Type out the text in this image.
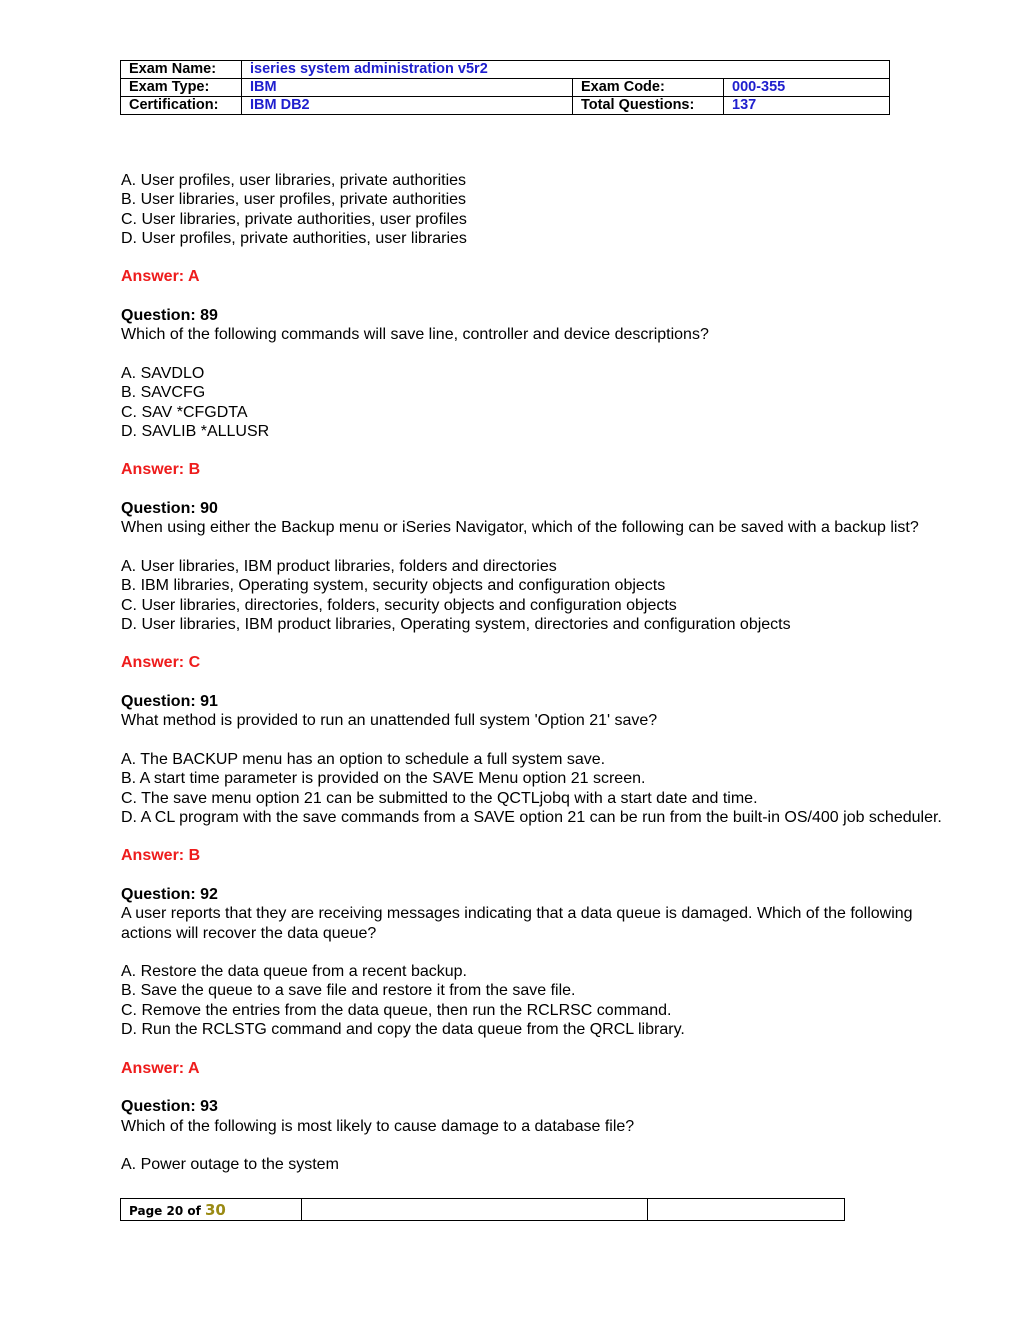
Exam Name:	iseries system administration v5r2		
Exam Type:	IBM	Exam Code:	000-355
Certification:	IBM DB2	Total Questions:	137

A. User profiles, user libraries, private authorities

B. User libraries, user profiles, private authorities

C. User libraries, private authorities, user profiles

D. User profiles, private authorities, user libraries

Answer: A

Question: 89

Which of the following commands will save line, controller and device descriptions?

A. SAVDLO

B. SAVCFG

C. SAV *CFGDTA

D. SAVLIB *ALLUSR

Answer: B

Question: 90

When using either the Backup menu or iSeries Navigator, which of the following can be saved with a backup list?

A. User libraries, IBM product libraries, folders and directories

B. IBM libraries, Operating system, security objects and configuration objects

C. User libraries, directories, folders, security objects and configuration objects

D. User libraries, IBM product libraries, Operating system, directories and configuration objects

Answer: C

Question: 91

What method is provided to run an unattended full system 'Option 21' save?

A. The BACKUP menu has an option to schedule a full system save.

B. A start time parameter is provided on the SAVE Menu option 21 screen.

C. The save menu option 21 can be submitted to the QCTLjobq with a start date and time.

D. A CL program with the save commands from a SAVE option 21 can be run from the built-in OS/400 job scheduler.

Answer: B

Question: 92

A user reports that they are receiving messages indicating that a data queue is damaged. Which of the following actions will recover the data queue?

A. Restore the data queue from a recent backup.

B. Save the queue to a save file and restore it from the save file.

C. Remove the entries from the data queue, then run the RCLRSC command.

D. Run the RCLSTG command and copy the data queue from the QRCL library.

Answer: A

Question: 93

Which of the following is most likely to cause damage to a database file?

A. Power outage to the system

Page 20 of 30		
